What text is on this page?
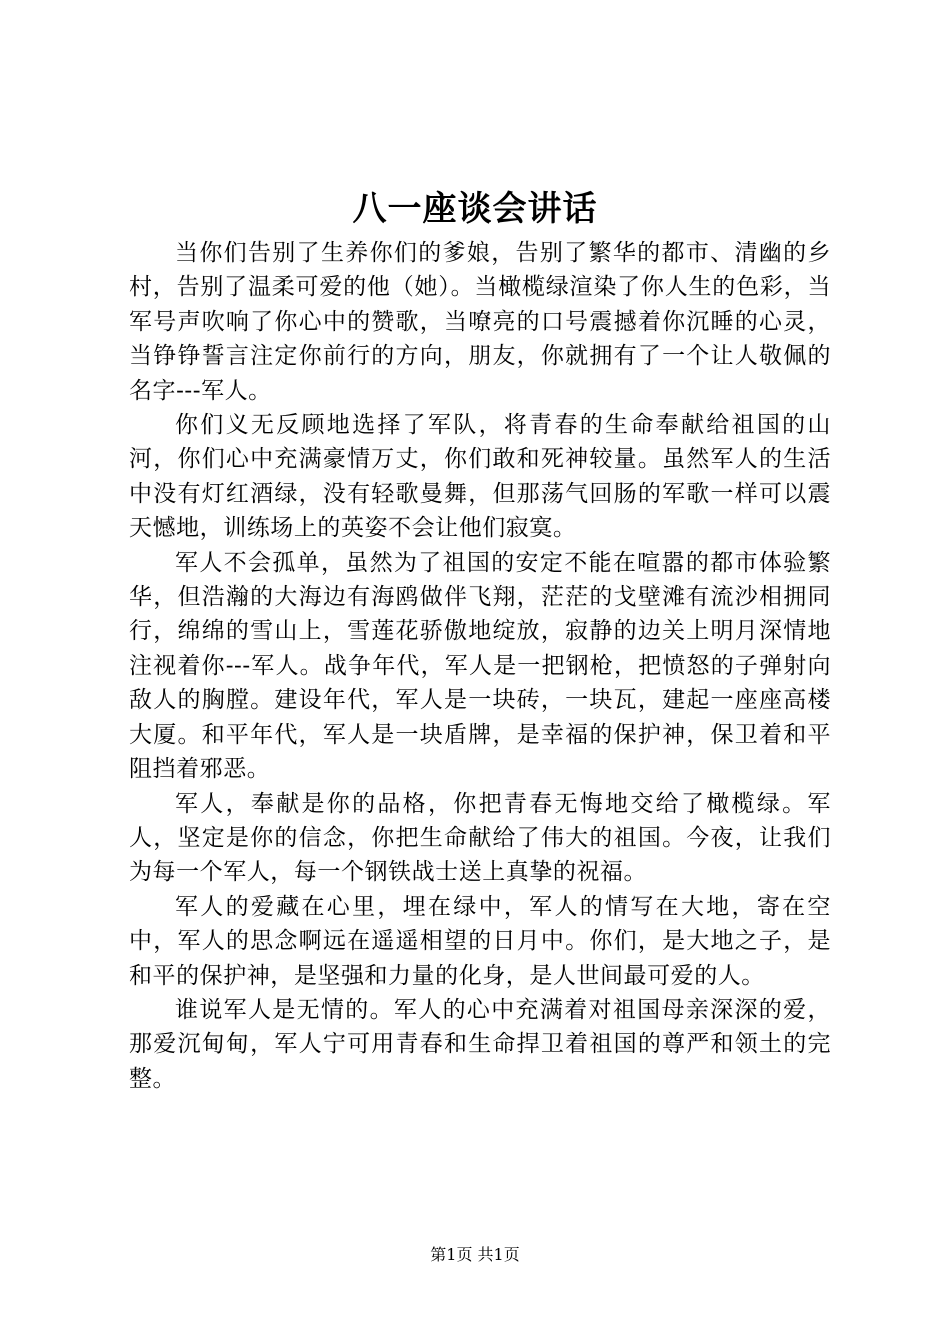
八一座谈会讲话

当你们告别了生养你们的爹娘，告别了繁华的都市、清幽的乡村，告别了温柔可爱的他（她）。当橄榄绿渲染了你人生的色彩，当军号声吹响了你心中的赞歌，当嘹亮的口号震撼着你沉睡的心灵，当铮铮誓言注定你前行的方向，朋友，你就拥有了一个让人敬佩的名字---军人。

你们义无反顾地选择了军队，将青春的生命奉献给祖国的山河，你们心中充满豪情万丈，你们敢和死神较量。虽然军人的生活中没有灯红酒绿，没有轻歌曼舞，但那荡气回肠的军歌一样可以震天憾地，训练场上的英姿不会让他们寂寞。

军人不会孤单，虽然为了祖国的安定不能在喧嚣的都市体验繁华，但浩瀚的大海边有海鸥做伴飞翔，茫茫的戈壁滩有流沙相拥同行，绵绵的雪山上，雪莲花骄傲地绽放，寂静的边关上明月深情地注视着你---军人。战争年代，军人是一把钢枪，把愤怒的子弹射向敌人的胸膛。建设年代，军人是一块砖，一块瓦，建起一座座高楼大厦。和平年代，军人是一块盾牌，是幸福的保护神，保卫着和平阻挡着邪恶。

军人，奉献是你的品格，你把青春无悔地交给了橄榄绿。军人，坚定是你的信念，你把生命献给了伟大的祖国。今夜，让我们为每一个军人，每一个钢铁战士送上真挚的祝福。

军人的爱藏在心里，埋在绿中，军人的情写在大地，寄在空中，军人的思念啊远在遥遥相望的日月中。你们，是大地之子，是和平的保护神，是坚强和力量的化身，是人世间最可爱的人。

谁说军人是无情的。军人的心中充满着对祖国母亲深深的爱，那爱沉甸甸，军人宁可用青春和生命捍卫着祖国的尊严和领土的完整。

第1页 共1页
